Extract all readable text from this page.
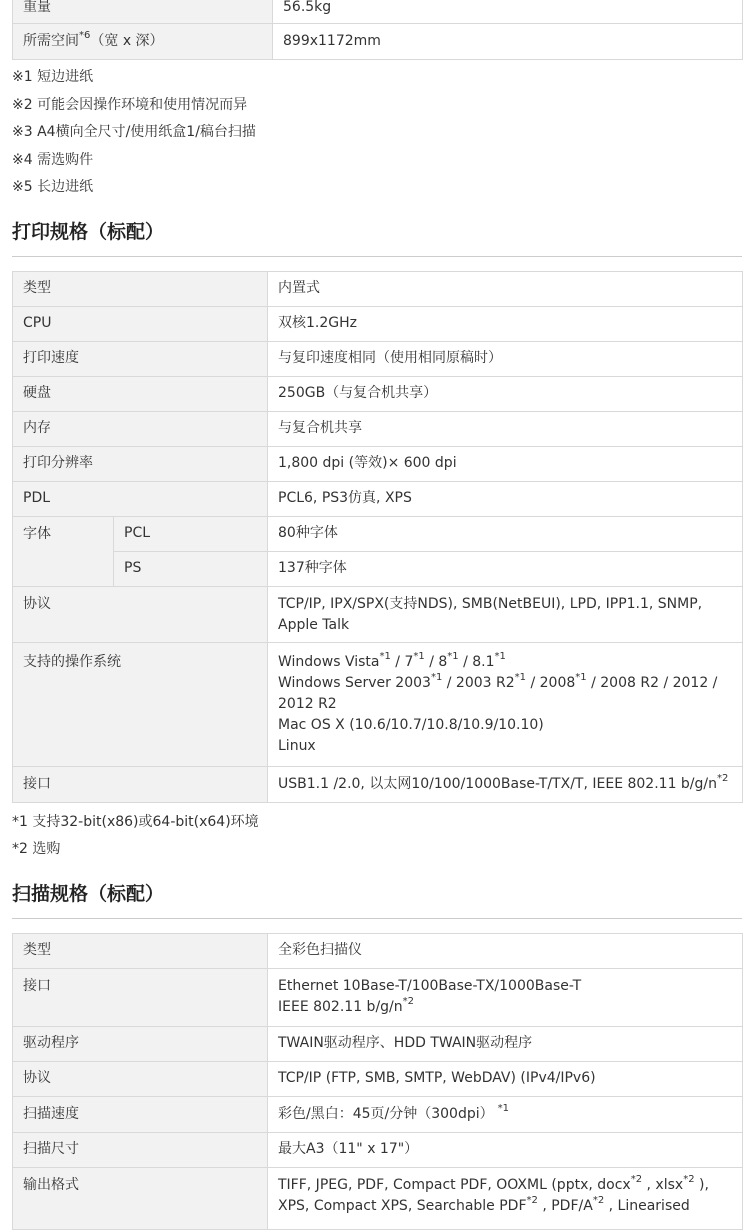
重量	56.5kg
所需空间$^{*6}$（宽 x 深）	899x1172mm
※1 短边进纸
※2 可能会因操作环境和使用情况而异
※3 A4横向全尺寸/使用纸盒1/稿台扫描
※4 需选购件
※5 长边进纸
打印规格（标配）
类型		内置式
CPU		双核1.2GHz
打印速度		与复印速度相同（使用相同原稿时）
硬盘		250GB（与复合机共享）
内存		与复合机共享
打印分辨率		1,800 dpi (等效)× 600 dpi
PDL		PCL6, PS3仿真, XPS
字体	PCL	80种字体
	PS	137种字体
协议		TCP/IP, IPX/SPX(支持NDS), SMB(NetBEUI), LPD, IPP1.1, SNMP,
Apple Talk

支持的操作系统		Windows Vista$^{*1}$ / 7$^{*1}$ / 8$^{*1}$ / 8.1$^{*1}$
Windows Server 2003$^{*1}$ / 2003 R2$^{*1}$ / 2008$^{*1}$ / 2008 R2 / 2012 /
2012 R2
Mac OS X (10.6/10.7/10.8/10.9/10.10)
Linux

接口		USB1.1 /2.0, 以太网10/100/1000Base-T/TX/T, IEEE 802.11 $b/g/n^{*2}$
*1 支持32-bit(x86)或64-bit(x64)环境
*2 选购
扫描规格（标配）
类型	全彩色扫描仪
接口	Ethernet 10Base-T/100Base-TX/1000Base-T
IEEE 802.11 $b/g/n^{*2}$

驱动程序	TWAIN驱动程序、HDD TWAIN驱动程序
协议	TCP/IP (FTP, SMB, SMTP, WebDAV) (IPv4/IPv6)
扫描速度	彩色/黑白：45页/分钟（300dpi） $^{*1}$
扫描尺寸	最大A3（11" x 17"）
输出格式	TIFF, JPEG, PDF, Compact PDF, OOXML (pptx, docx$^{*2}$ , xlsx$^{*2}$ ),
XPS, Compact XPS, Searchable PDF$^{*2}$ , PDF/$A^{*2}$ , Linearised
